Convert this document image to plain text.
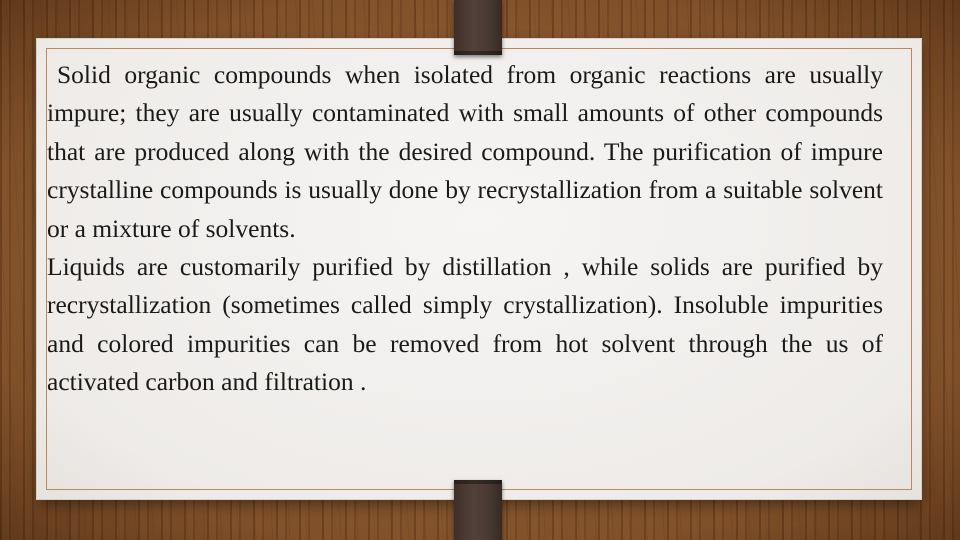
Solid organic compounds when isolated from organic reactions are usually impure; they are usually contaminated with small amounts of other compounds that are produced along with the desired compound. The purification of impure crystalline compounds is usually done by recrystallization from a suitable solvent or a mixture of solvents.

Liquids are customarily purified by distillation , while solids are purified by recrystallization (sometimes called simply crystallization). Insoluble impurities and colored impurities can be removed from hot solvent through the us of activated carbon and filtration .
